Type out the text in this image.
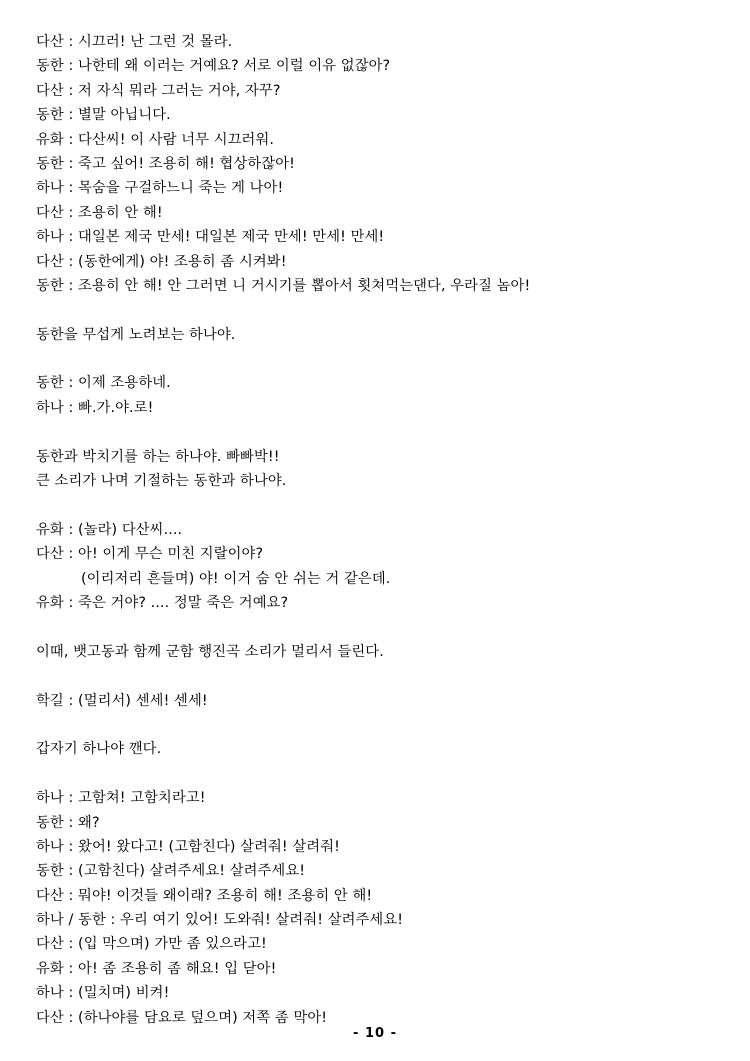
다산 : 시끄러! 난 그런 것 몰라.
동한 : 나한테 왜 이러는 거예요? 서로 이럴 이유 없잖아?
다산 : 저 자식 뭐라 그러는 거야, 자꾸?
동한 : 별말 아닙니다.
유화 : 다산씨! 이 사람 너무 시끄러워.
동한 : 죽고 싶어! 조용히 해! 협상하잖아!
하나 : 목숨을 구걸하느니 죽는 게 나아!
다산 : 조용히 안 해!
하나 : 대일본 제국 만세! 대일본 제국 만세! 만세! 만세!
다산 : (동한에게) 야! 조용히 좀 시켜봐!
동한 : 조용히 안 해! 안 그러면 니 거시기를 뽑아서 횟쳐먹는댄다, 우라질 놈아!
동한을 무섭게 노려보는 하나야.
동한 : 이제 조용하네.
하나 : 빠.가.야.로!
동한과 박치기를 하는 하나야. 빠빠박!!
큰 소리가 나며 기절하는 동한과 하나야.
유화 : (놀라) 다산씨....
다산 : 아! 이게 무슨 미친 지랄이야?
(이리저리 흔들며) 야! 이거 숨 안 쉬는 거 같은데.
유화 : 죽은 거야? .... 정말 죽은 거예요?
이때, 뱃고동과 함께 군함 행진곡 소리가 멀리서 들린다.
학길 : (멀리서) 센세! 센세!
갑자기 하나야 깬다.
하나 : 고함쳐! 고함치라고!
동한 : 왜?
하나 : 왔어! 왔다고! (고함친다) 살려줘! 살려줘!
동한 : (고함친다) 살려주세요! 살려주세요!
다산 : 뭐야! 이것들 왜이래? 조용히 해! 조용히 안 해!
하나 / 동한 : 우리 여기 있어! 도와줘! 살려줘! 살려주세요!
다산 : (입 막으며) 가만 좀 있으라고!
유화 : 아! 좀 조용히 좀 해요! 입 닫아!
하나 : (밀치며) 비켜!
다산 : (하나야를 담요로 덮으며) 저쪽 좀 막아!
- 10 -
